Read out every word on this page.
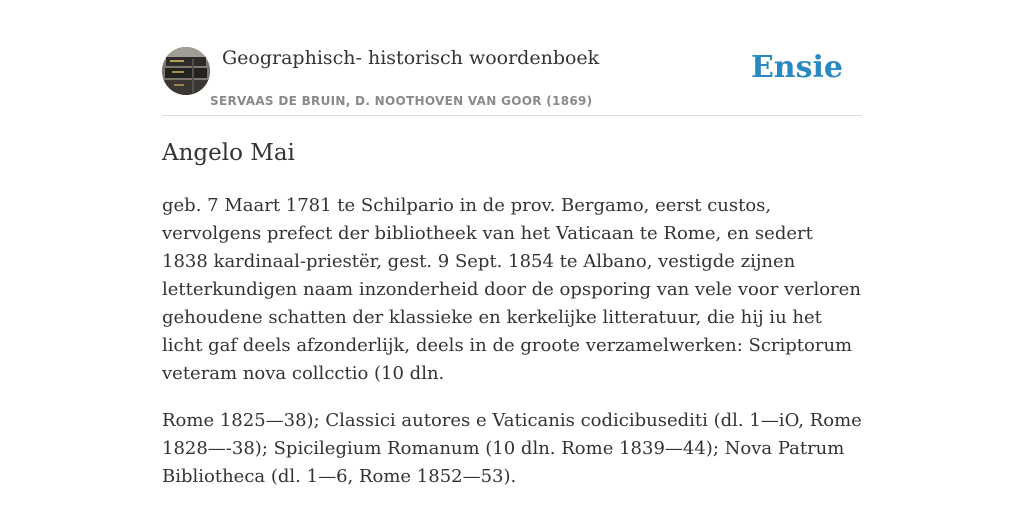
Geographisch- historisch woordenboek
SERVAAS DE BRUIN, D. NOOTHOVEN VAN GOOR (1869)
Ensie
Angelo Mai

geb. 7 Maart 1781 te Schilpario in de prov. Bergamo, eerst custos, vervolgens prefect der bibliotheek van het Vaticaan te Rome, en sedert 1838 kardinaal-priestër, gest. 9 Sept. 1854 te Albano, vestigde zijnen letterkundigen naam inzonderheid door de opsporing van vele voor verloren gehoudene schatten der klassieke en kerkelijke litteratuur, die hij iu het licht gaf deels afzonderlijk, deels in de groote verzamelwerken: Scriptorum veteram nova collcctio (10 dln.

Rome 1825—38); Classici autores e Vaticanis codicibusediti (dl. 1—iO, Rome 1828—-38); Spicilegium Romanum (10 dln. Rome 1839—44); Nova Patrum Bibliotheca (dl. 1—6, Rome 1852—53).
